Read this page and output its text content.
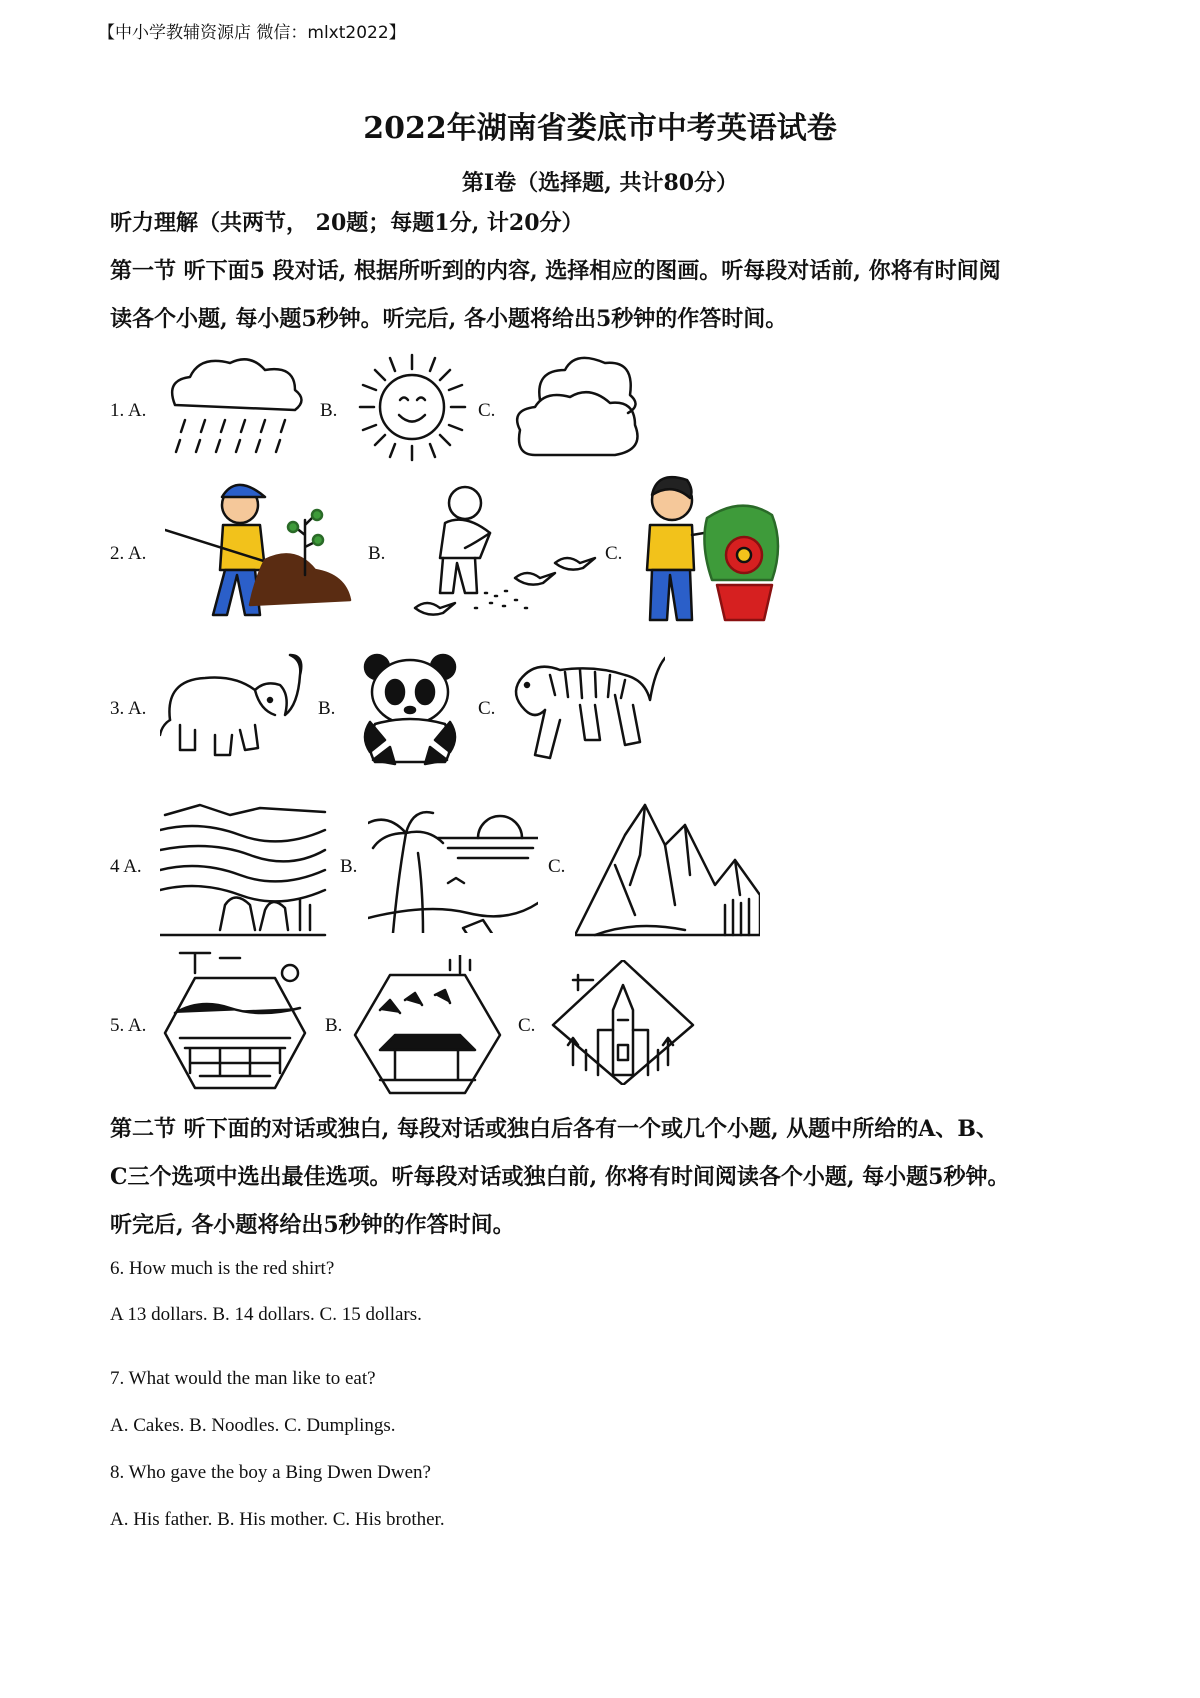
【中小学教辅资源店 微信：mlxt2022】
2022年湖南省娄底市中考英语试卷
第I卷（选择题, 共计80分）
听力理解（共两节， 20题；每题1分, 计20分）
第一节 听下面5 段对话, 根据所听到的内容, 选择相应的图画。听每段对话前, 你将有时间阅
读各个小题, 每小题5秒钟。听完后, 各小题将给出5秒钟的作答时间。
1. A.	B.	C.
2. A.	B.	C.
3. A.	B.	C.
4 A.	B.	C.
5. A.	B.	C.
第二节 听下面的对话或独白, 每段对话或独白后各有一个或几个小题, 从题中所给的A、B、
C三个选项中选出最佳选项。听每段对话或独白前, 你将有时间阅读各个小题, 每小题5秒钟。
听完后, 各小题将给出5秒钟的作答时间。
6. How much is the red shirt?
A 13 dollars. B. 14 dollars. C. 15 dollars.
7. What would the man like to eat?
A. Cakes. B. Noodles. C. Dumplings.
8. Who gave the boy a Bing Dwen Dwen?
A. His father. B. His mother. C. His brother.
